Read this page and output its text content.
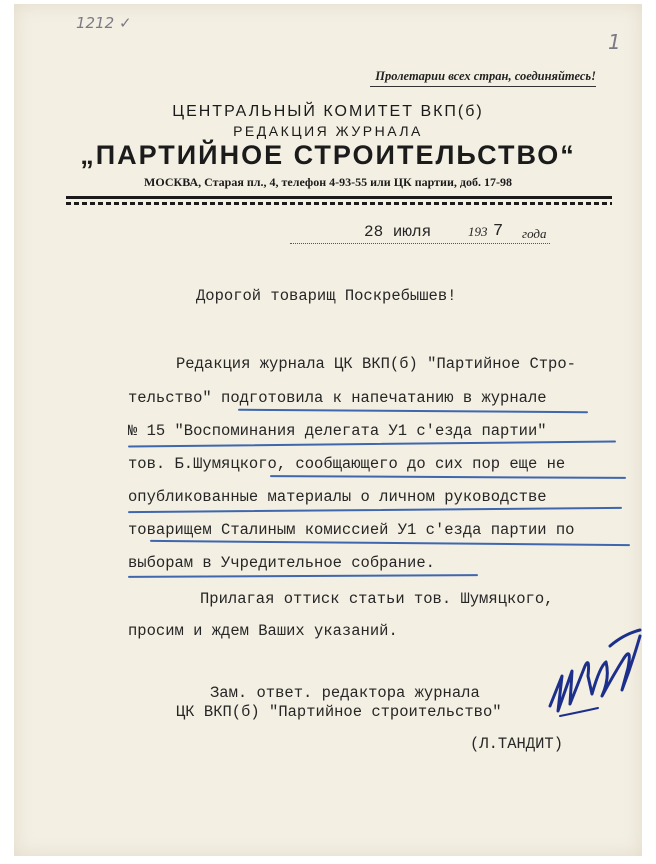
1212 ✓
1
Пролетарии всех стран, соединяйтесь!
ЦЕНТРАЛЬНЫЙ КОМИТЕТ ВКП(б)
РЕДАКЦИЯ ЖУРНАЛА
„ПАРТИЙНОЕ СТРОИТЕЛЬСТВО“
МОСКВА, Старая пл., 4, телефон 4-93-55 или ЦК партии, доб. 17-98
28 июля	193 7 года
Дорогой товарищ Поскребышев!
Редакция журнала ЦК ВКП(б) "Партийное Стро-
тельство" подготовила к напечатанию в журнале
№ 15 "Воспоминания делегата У1 с'езда партии"
тов. Б.Шумяцкого, сообщающего до сих пор еще не
опубликованные материалы о личном руководстве
товарищем Сталиным комиссией У1 с'езда партии по
выборам в Учредительное собрание.
Прилагая оттиск статьи тов. Шумяцкого,
просим и ждем Ваших указаний.
Зам. ответ. редактора журнала
ЦК ВКП(б) "Партийное строительство"
(Л.ТАНДИТ)
